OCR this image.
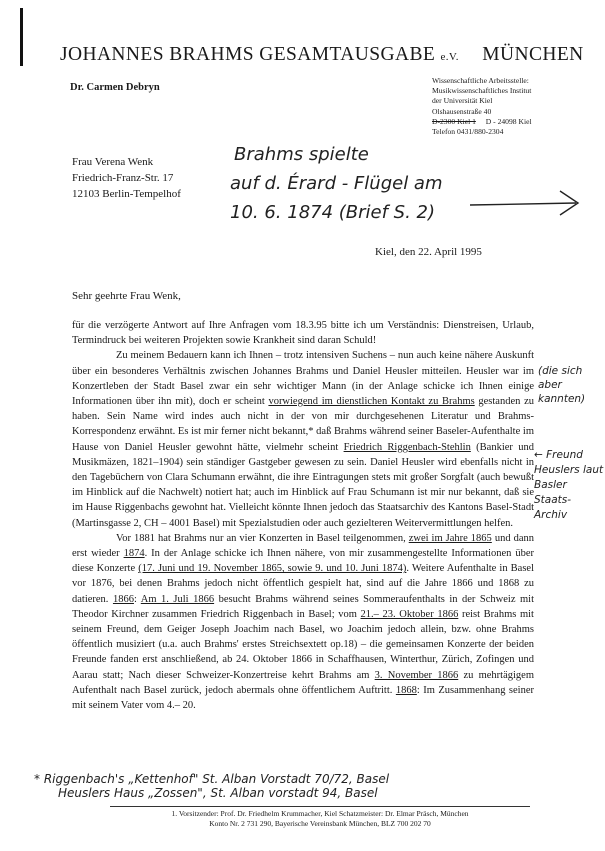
JOHANNES BRAHMS GESAMTAUSGABE e.V. MÜNCHEN
Dr. Carmen Debryn
Wissenschaftliche Arbeitsstelle:
Musikwissenschaftliches Institut
der Universität Kiel
Olshausenstraße 40
D-2300 Kiel 1 D - 24098 Kiel
Telefon 0431/880-2304
Frau Verena Wenk
Friedrich-Franz-Str. 17
12103 Berlin-Tempelhof
Brahms spielte
auf d. Érard - Flügel am
10. 6. 1874 (Brief S. 2)
Kiel, den 22. April 1995
Sehr geehrte Frau Wenk,

für die verzögerte Antwort auf Ihre Anfragen vom 18.3.95 bitte ich um Verständnis: Dienstreisen, Urlaub, Termindruck bei weiteren Projekten sowie Krankheit sind daran Schuld!

Zu meinem Bedauern kann ich Ihnen – trotz intensiven Suchens – nun auch keine nähere Auskunft über ein besonderes Verhältnis zwischen Johannes Brahms und Daniel Heusler mitteilen. Heusler war im Konzertleben der Stadt Basel zwar ein sehr wichtiger Mann (in der Anlage schicke ich Ihnen einige Informationen über ihn mit), doch er scheint vorwiegend im dienstlichen Kontakt zu Brahms gestanden zu haben. Sein Name wird indes auch nicht in der von mir durchgesehenen Literatur und Brahms-Korrespondenz erwähnt. Es ist mir ferner nicht bekannt,* daß Brahms während seiner Baseler-Aufenthalte im Hause von Daniel Heusler gewohnt hätte, vielmehr scheint Friedrich Riggenbach-Stehlin (Bankier und Musikmäzen, 1821–1904) sein ständiger Gastgeber gewesen zu sein. Daniel Heusler wird ebenfalls nicht in den Tagebüchern von Clara Schumann erwähnt, die ihre Eintragungen stets mit großer Sorgfalt (auch bewußt im Hinblick auf die Nachwelt) notiert hat; auch im Hinblick auf Frau Schumann ist mir nur bekannt, daß sie im Hause Riggenbachs gewohnt hat. Vielleicht könnte Ihnen jedoch das Staatsarchiv des Kantons Basel-Stadt (Martinsgasse 2, CH – 4001 Basel) mit Spezialstudien oder auch gezielteren Weitervermittlungen helfen.

Vor 1881 hat Brahms nur an vier Konzerten in Basel teilgenommen, zwei im Jahre 1865 und dann erst wieder 1874. In der Anlage schicke ich Ihnen nähere, von mir zusammengestellte Informationen über diese Konzerte (17. Juni und 19. November 1865, sowie 9. und 10. Juni 1874). Weitere Aufenthalte in Basel vor 1876, bei denen Brahms jedoch nicht öffentlich gespielt hat, sind auf die Jahre 1866 und 1868 zu datieren. 1866: Am 1. Juli 1866 besucht Brahms während seines Sommeraufenthalts in der Schweiz mit Theodor Kirchner zusammen Friedrich Riggenbach in Basel; vom 21.– 23. Oktober 1866 reist Brahms mit seinem Freund, dem Geiger Joseph Joachim nach Basel, wo Joachim jedoch allein, bzw. ohne Brahms öffentlich musiziert (u.a. auch Brahms' erstes Streichsextett op.18) – die gemeinsamen Konzerte der beiden Freunde fanden erst anschließend, ab 24. Oktober 1866 in Schaffhausen, Winterthur, Zürich, Zofingen und Aarau statt; Nach dieser Schweizer-Konzertreise kehrt Brahms am 3. November 1866 zu mehrtägigem Aufenthalt nach Basel zurück, jedoch abermals ohne öffentlichem Auftritt. 1868: Im Zusammenhang seiner mit seinem Vater vom 4.– 20.

(die sich aber kannten)
← Freund Heuslers laut Basler Staats-Archiv
* Riggenbach's „Kettenhof" St. Alban Vorstadt 70/72, Basel
Heuslers Haus „Zossen", St. Alban vorstadt 94, Basel
1. Vorsitzender: Prof. Dr. Friedhelm Krummacher, Kiel Schatzmeister: Dr. Elmar Präsch, München
Konto Nr. 2 731 290, Bayerische Vereinsbank München, BLZ 700 202 70
